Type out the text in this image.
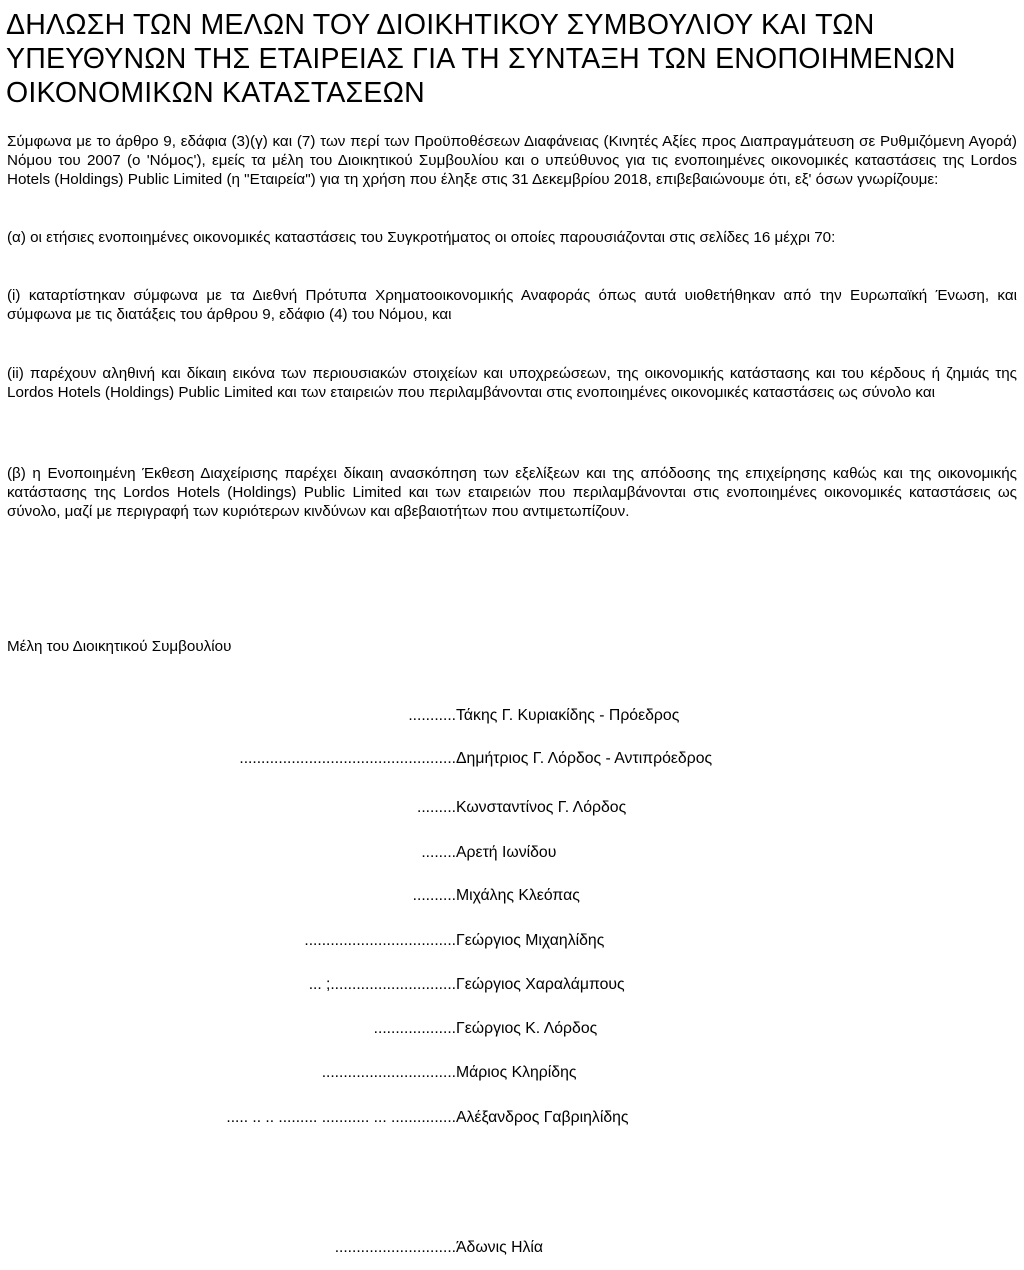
ΔΗΛΩΣΗ ΤΩΝ ΜΕΛΩΝ ΤΟΥ ΔΙΟΙΚΗΤΙΚΟΥ ΣΥΜΒΟΥΛΙΟΥ ΚΑΙ ΤΩΝ
ΥΠΕΥΘΥΝΩΝ ΤΗΣ ΕΤΑΙΡΕΙΑΣ ΓΙΑ ΤΗ ΣΥΝΤΑΞΗ ΤΩΝ ΕΝΟΠΟΙΗΜΕΝΩΝ
ΟΙΚΟΝΟΜΙΚΩΝ ΚΑΤΑΣΤΑΣΕΩΝ

Σύμφωνα με το άρθρο 9, εδάφια (3)(γ) και (7) των περί των Προϋποθέσεων Διαφάνειας (Κινητές Αξίες προς Διαπραγμάτευση σε Ρυθμιζόμενη Αγορά) Νόμου του 2007 (ο 'Νόμος'), εμείς τα μέλη του Διοικητικού Συμβουλίου και ο υπεύθυνος για τις ενοποιημένες οικονομικές καταστάσεις της Lordos Hotels (Holdings) Public Limited (η "Εταιρεία") για τη χρήση που έληξε στις 31 Δεκεμβρίου 2018, επιβεβαιώνουμε ότι, εξ' όσων γνωρίζουμε:

(α) οι ετήσιες ενοποιημένες οικονομικές καταστάσεις του Συγκροτήματος οι οποίες παρουσιάζονται στις σελίδες 16 μέχρι 70:

(i) καταρτίστηκαν σύμφωνα με τα Διεθνή Πρότυπα Χρηματοοικονομικής Αναφοράς όπως αυτά υιοθετήθηκαν από την Ευρωπαϊκή Ένωση, και σύμφωνα με τις διατάξεις του άρθρου 9, εδάφιο (4) του Νόμου, και

(ii) παρέχουν αληθινή και δίκαιη εικόνα των περιουσιακών στοιχείων και υποχρεώσεων, της οικονομικής κατάστασης και του κέρδους ή ζημιάς της Lordos Hotels (Holdings) Public Limited και των εταιρειών που περιλαμβάνονται στις ενοποιημένες οικονομικές καταστάσεις ως σύνολο και

(β) η Ενοποιημένη Έκθεση Διαχείρισης παρέχει δίκαιη ανασκόπηση των εξελίξεων και της απόδοσης της επιχείρησης καθώς και της οικονομικής κατάστασης της Lordos Hotels (Holdings) Public Limited και των εταιρειών που περιλαμβάνονται στις ενοποιημένες οικονομικές καταστάσεις ως σύνολο, μαζί με περιγραφή των κυριότερων κινδύνων και αβεβαιοτήτων που αντιμετωπίζουν.

Μέλη του Διοικητικού Συμβουλίου

........... Τάκης Γ. Κυριακίδης - Πρόεδρος
.................................................. Δημήτριος Γ. Λόρδος - Αντιπρόεδρος
......... Κωνσταντίνος Γ. Λόρδος
........ Αρετή Ιωνίδου
.......... Μιχάλης Κλεόπας
................................... Γεώργιος Μιχαηλίδης
... ;............................. Γεώργιος Χαραλάμπους
................... Γεώργιος Κ. Λόρδος
............................... Μάριος Κληρίδης
..... .. .. ......... ........... ... ............... Αλέξανδρος Γαβριηλίδης
............................ Άδωνις Ηλία
